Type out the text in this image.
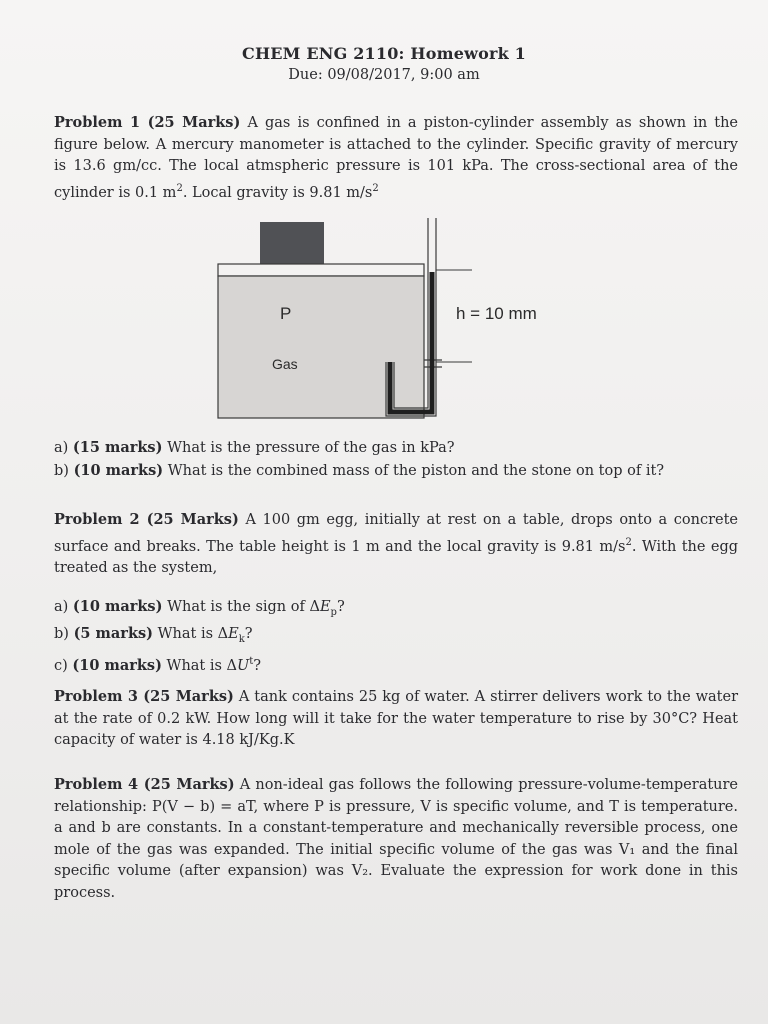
CHEM ENG 2110: Homework 1
Due: 09/08/2017, 9:00 am
Problem 1 (25 Marks) A gas is confined in a piston-cylinder assembly as shown in the figure below. A mercury manometer is attached to the cylinder. Specific gravity of mercury is 13.6 gm/cc. The local atmspheric pressure is 101 kPa. The cross-sectional area of the cylinder is 0.1 $m^2$. Local gravity is 9.81 $m/s^2$
P
Gas
h = 10 mm
a) (15 marks) What is the pressure of the gas in kPa?
b) (10 marks) What is the combined mass of the piston and the stone on top of it?
Problem 2 (25 Marks) A 100 gm egg, initially at rest on a table, drops onto a concrete surface and breaks. The table height is 1 m and the local gravity is 9.81 $m/s^2$. With the egg treated as the system,
a) (10 marks) What is the sign of $\Delta E_p$?
b) (5 marks) What is $\Delta E_k$?
c) (10 marks) What is $\Delta U^t$?
Problem 3 (25 Marks) A tank contains 25 kg of water. A stirrer delivers work to the water at the rate of 0.2 kW. How long will it take for the water temperature to rise by 30°C? Heat capacity of water is 4.18 kJ/Kg.K
Problem 4 (25 Marks) A non-ideal gas follows the following pressure-volume-temperature relationship: P(V − b) = aT, where P is pressure, V is specific volume, and T is temperature. a and b are constants. In a constant-temperature and mechanically reversible process, one mole of the gas was expanded. The initial specific volume of the gas was V₁ and the final specific volume (after expansion) was V₂. Evaluate the expression for work done in this process.
